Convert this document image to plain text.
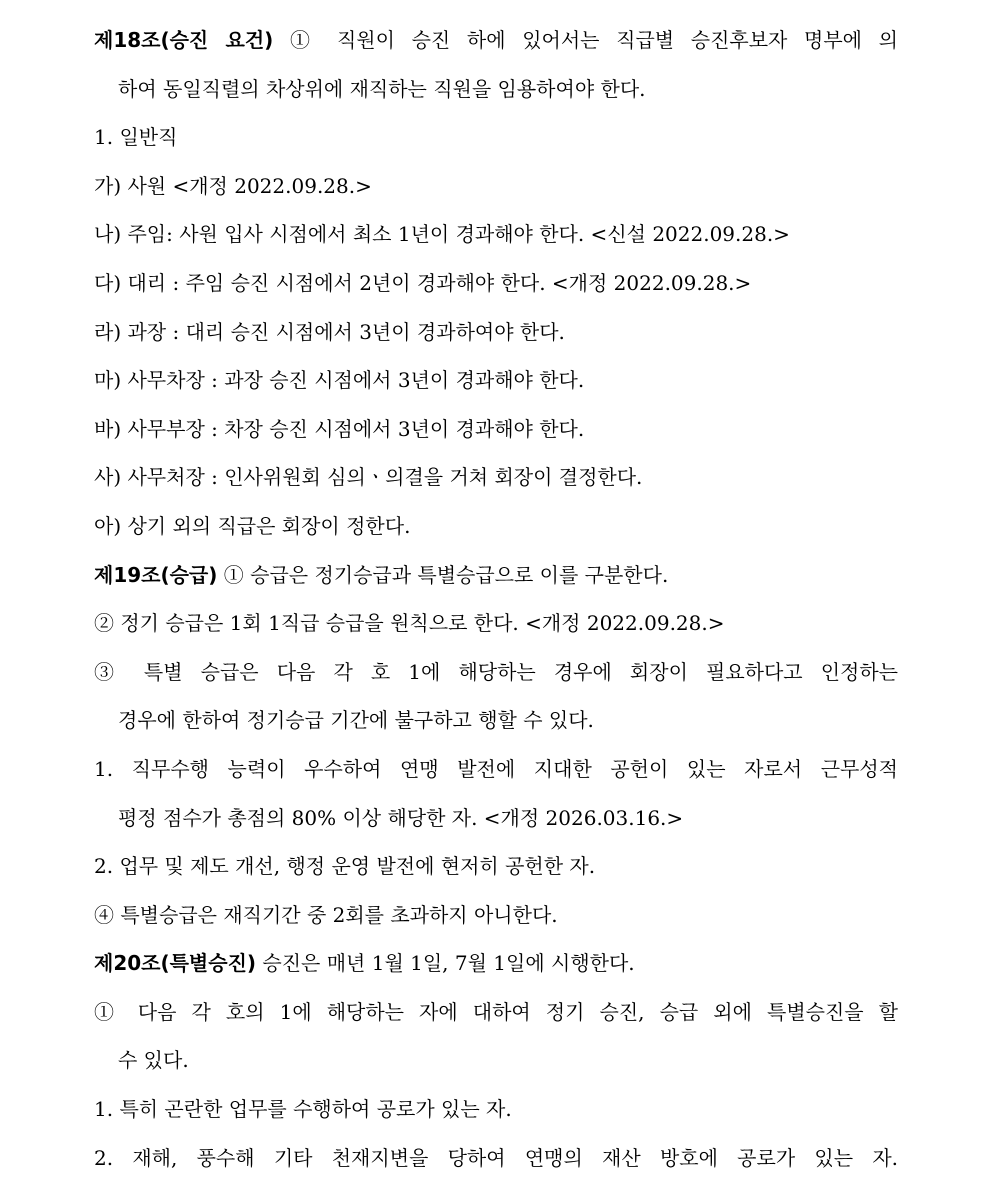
제18조(승진 요건) ① 직원이 승진 하에 있어서는 직급별 승진후보자 명부에 의
하여 동일직렬의 차상위에 재직하는 직원을 임용하여야 한다.
1. 일반직
가) 사원 <개정 2022.09.28.>
나) 주임: 사원 입사 시점에서 최소 1년이 경과해야 한다. <신설 2022.09.28.>
다) 대리 : 주임 승진 시점에서 2년이 경과해야 한다. <개정 2022.09.28.>
라) 과장 : 대리 승진 시점에서 3년이 경과하여야 한다.
마) 사무차장 : 과장 승진 시점에서 3년이 경과해야 한다.
바) 사무부장 : 차장 승진 시점에서 3년이 경과해야 한다.
사) 사무처장 : 인사위원회 심의ㆍ의결을 거쳐 회장이 결정한다.
아) 상기 외의 직급은 회장이 정한다.
제19조(승급) ① 승급은 정기승급과 특별승급으로 이를 구분한다.
② 정기 승급은 1회 1직급 승급을 원칙으로 한다. <개정 2022.09.28.>
③ 특별 승급은 다음 각 호 1에 해당하는 경우에 회장이 필요하다고 인정하는
경우에 한하여 정기승급 기간에 불구하고 행할 수 있다.
1. 직무수행 능력이 우수하여 연맹 발전에 지대한 공헌이 있는 자로서 근무성적
평정 점수가 총점의 80% 이상 해당한 자. <개정 2026.03.16.>
2. 업무 및 제도 개선, 행정 운영 발전에 현저히 공헌한 자.
④ 특별승급은 재직기간 중 2회를 초과하지 아니한다.
제20조(특별승진) 승진은 매년 1월 1일, 7월 1일에 시행한다.
① 다음 각 호의 1에 해당하는 자에 대하여 정기 승진, 승급 외에 특별승진을 할
수 있다.
1. 특히 곤란한 업무를 수행하여 공로가 있는 자.
2. 재해, 풍수해 기타 천재지변을 당하여 연맹의 재산 방호에 공로가 있는 자.
